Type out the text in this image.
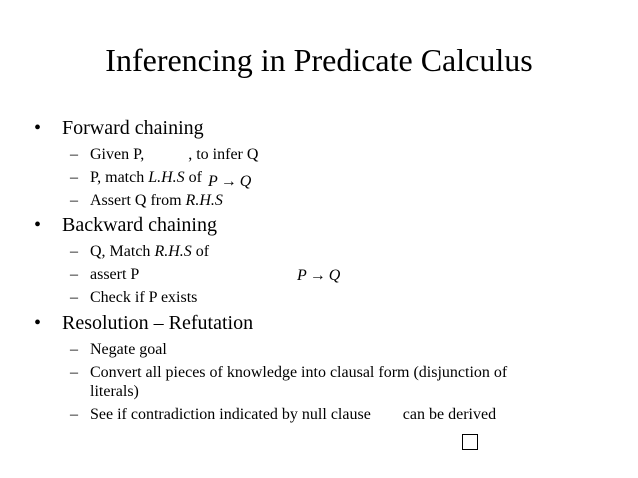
Inferencing in Predicate Calculus
• Forward chaining
– Given P,	, to infer Q
– P, match L.H.S of P → Q
– Assert Q from R.H.S
• Backward chaining
– Q, Match R.H.S of
– assert P	P → Q
– Check if P exists
• Resolution – Refutation
– Negate goal
– Convert all pieces of knowledge into clausal form (disjunction of literals)
– See if contradiction indicated by null clause can be derived
